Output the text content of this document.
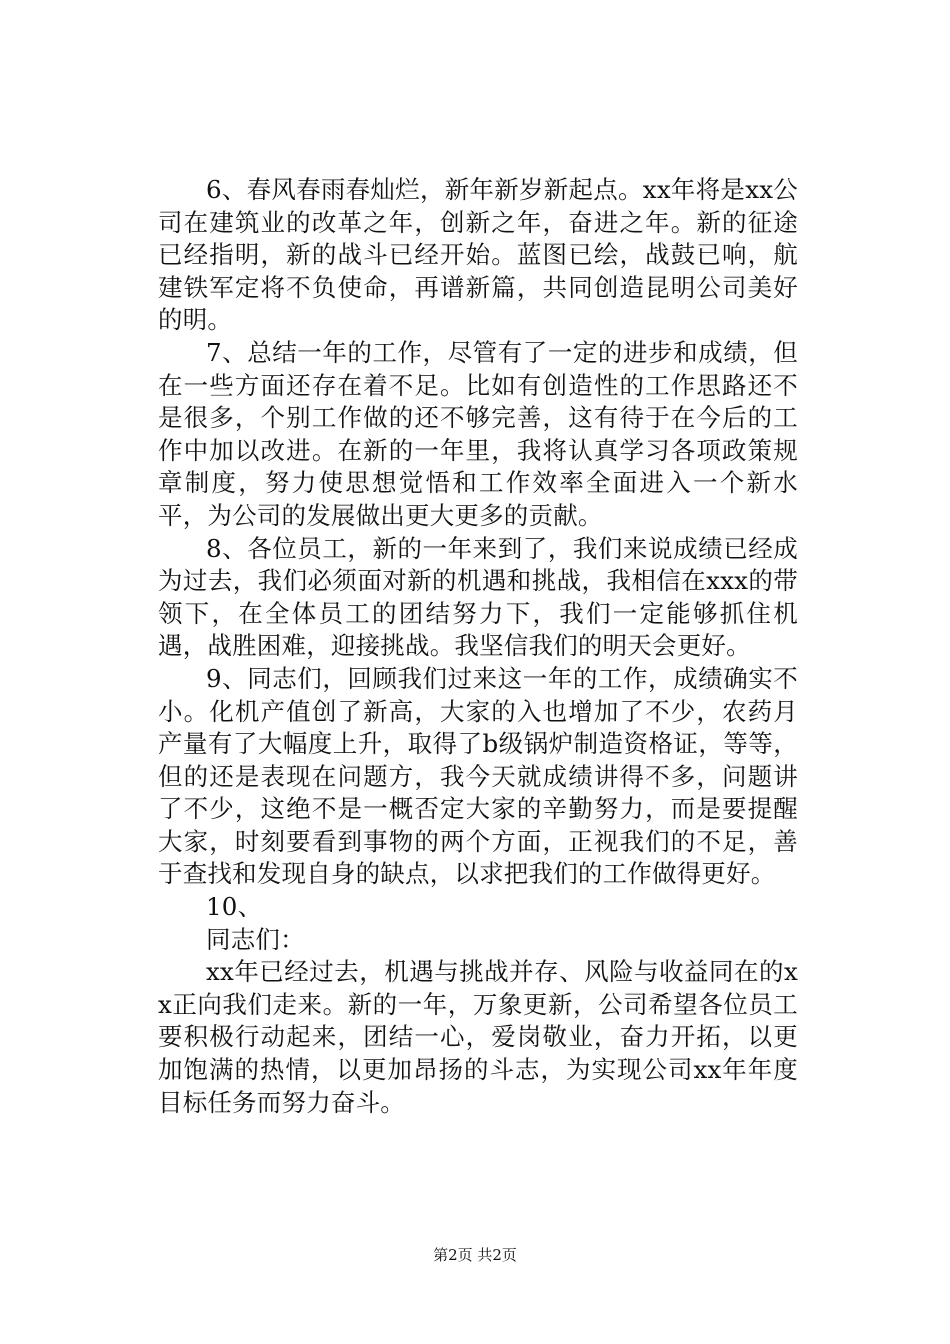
6、春风春雨春灿烂，新年新岁新起点。xx年将是xx公司在建筑业的改革之年，创新之年，奋进之年。新的征途已经指明，新的战斗已经开始。蓝图已绘，战鼓已响，航建铁军定将不负使命，再谱新篇，共同创造昆明公司美好的明。

7、总结一年的工作，尽管有了一定的进步和成绩，但在一些方面还存在着不足。比如有创造性的工作思路还不是很多，个别工作做的还不够完善，这有待于在今后的工作中加以改进。在新的一年里，我将认真学习各项政策规章制度，努力使思想觉悟和工作效率全面进入一个新水平，为公司的发展做出更大更多的贡献。

8、各位员工，新的一年来到了，我们来说成绩已经成为过去，我们必须面对新的机遇和挑战，我相信在xxx的带领下，在全体员工的团结努力下，我们一定能够抓住机遇，战胜困难，迎接挑战。我坚信我们的明天会更好。

9、同志们，回顾我们过来这一年的工作，成绩确实不小。化机产值创了新高，大家的入也增加了不少，农药月产量有了大幅度上升，取得了b级锅炉制造资格证，等等，但的还是表现在问题方，我今天就成绩讲得不多，问题讲了不少，这绝不是一概否定大家的辛勤努力，而是要提醒大家，时刻要看到事物的两个方面，正视我们的不足，善于查找和发现自身的缺点，以求把我们的工作做得更好。

10、

同志们：

xx年已经过去，机遇与挑战并存、风险与收益同在的xx正向我们走来。新的一年，万象更新，公司希望各位员工要积极行动起来，团结一心，爱岗敬业，奋力开拓，以更加饱满的热情，以更加昂扬的斗志，为实现公司xx年年度目标任务而努力奋斗。

第2页 共2页
